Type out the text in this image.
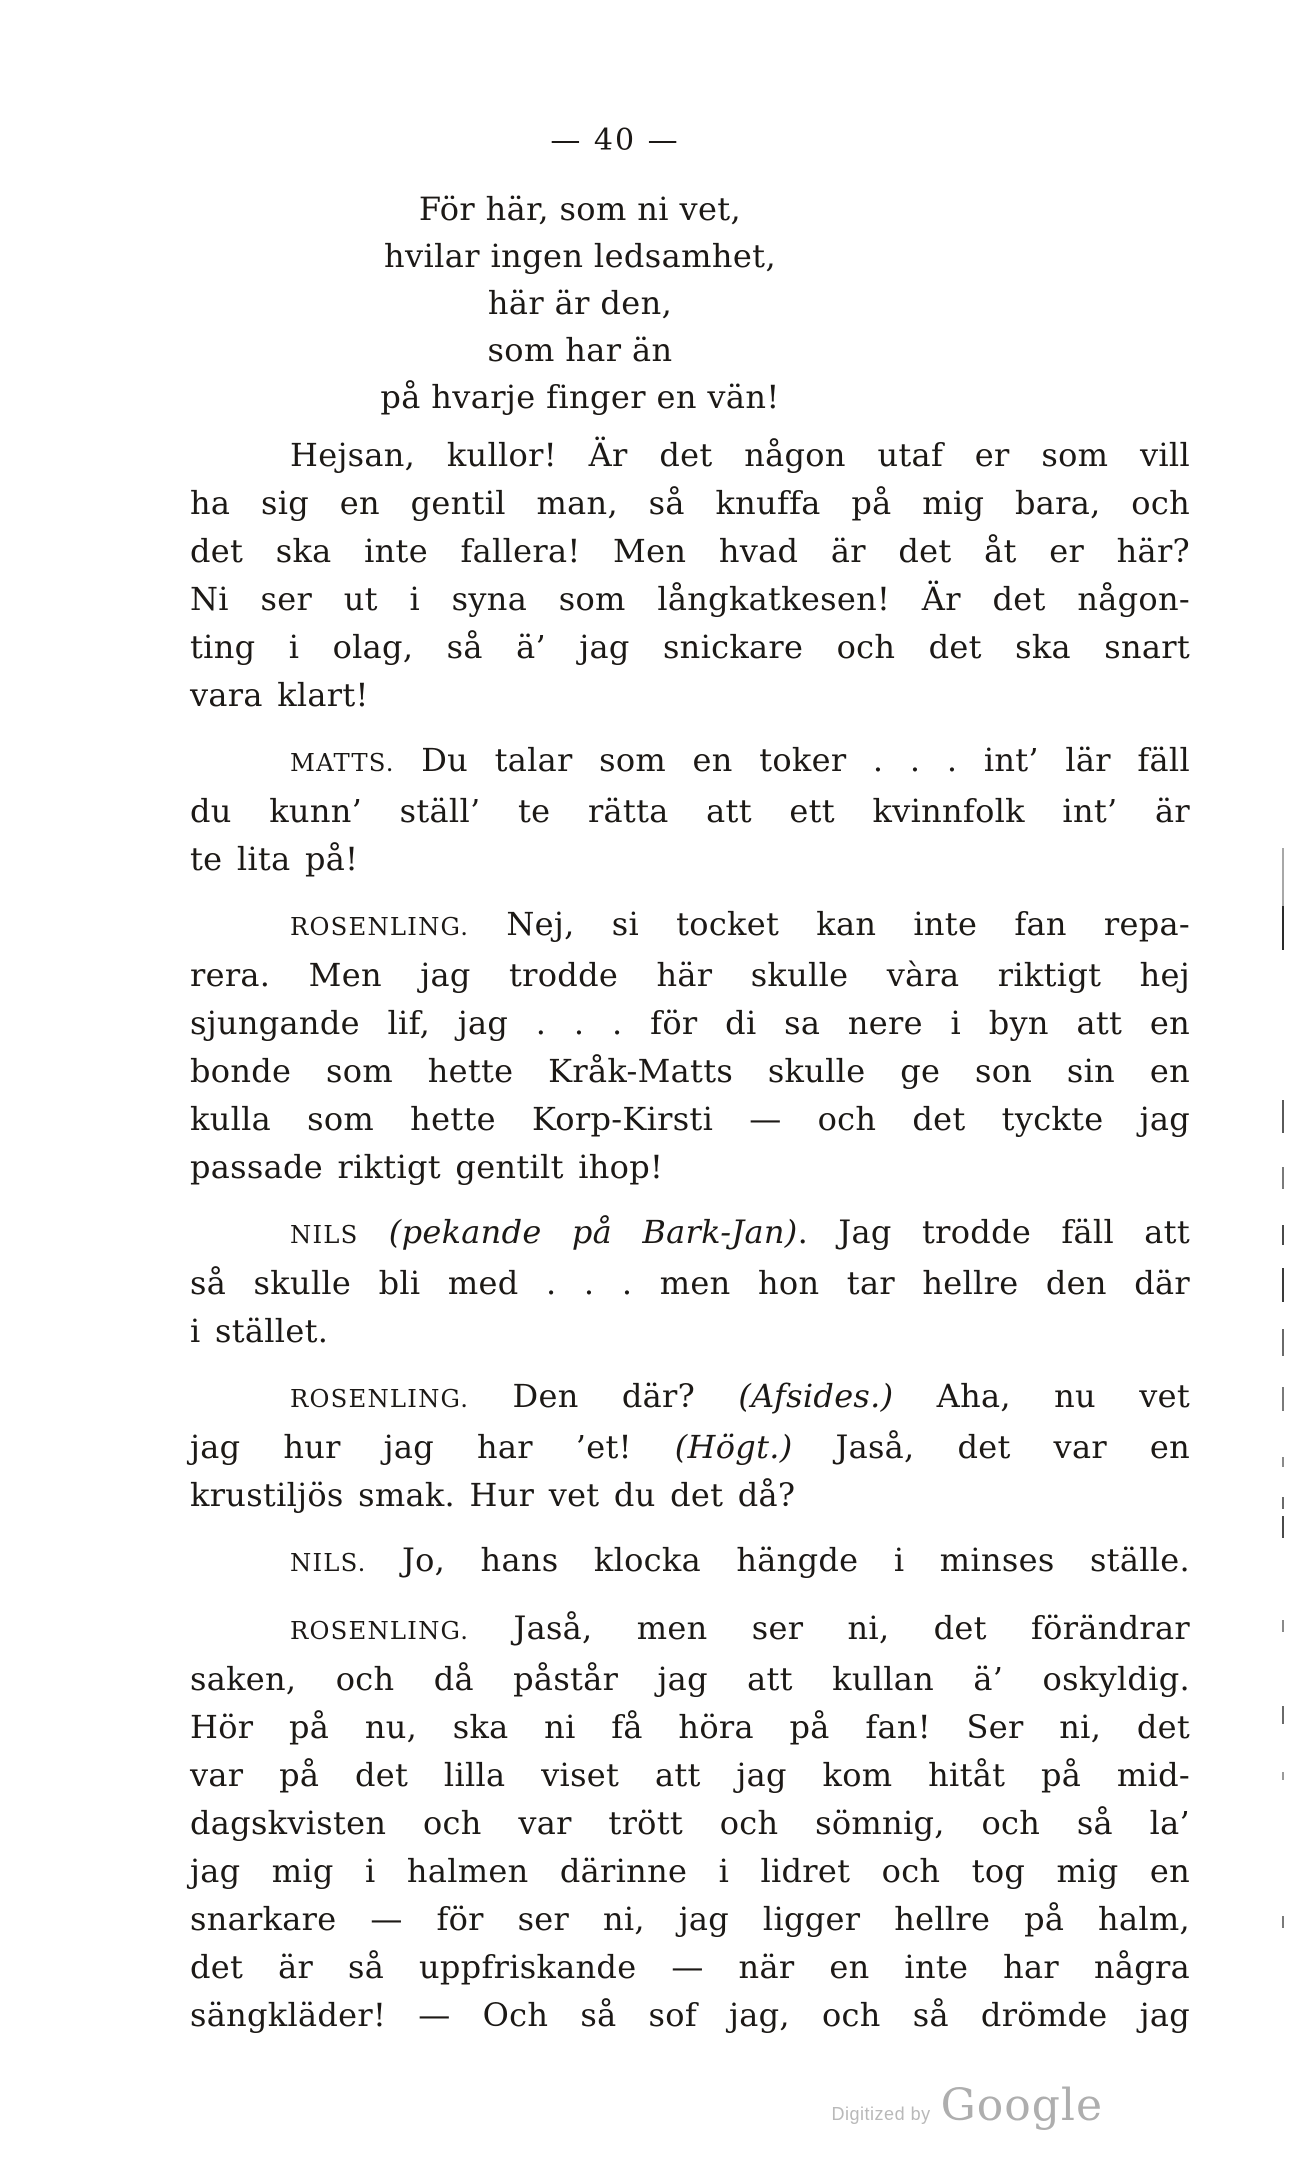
— 40 —
För här, som ni vet,
hvilar ingen ledsamhet,
här är den,
som har än
på hvarje finger en vän!
Hejsan, kullor! Är det någon utaf er som vill
ha sig en gentil man, så knuffa på mig bara, och
det ska inte fallera! Men hvad är det åt er här?
Ni ser ut i syna som långkatkesen! Är det någon-
ting i olag, så ä’ jag snickare och det ska snart
vara klart!
MATTS. Du talar som en toker . . . int’ lär fäll
du kunn’ ställ’ te rätta att ett kvinnfolk int’ är
te lita på!
ROSENLING. Nej, si tocket kan inte fan repa-
rera. Men jag trodde här skulle vàra riktigt hej
sjungande lif, jag . . . för di sa nere i byn att en
bonde som hette Kråk-Matts skulle ge son sin en
kulla som hette Korp-Kirsti — och det tyckte jag
passade riktigt gentilt ihop!
NILS (pekande på Bark-Jan). Jag trodde fäll att
så skulle bli med . . . men hon tar hellre den där
i stället.
ROSENLING. Den där? (Afsides.) Aha, nu vet
jag hur jag har ’et! (Högt.) Jaså, det var en
krustiljös smak. Hur vet du det då?
NILS. Jo, hans klocka hängde i minses ställe.
ROSENLING. Jaså, men ser ni, det förändrar
saken, och då påstår jag att kullan ä’ oskyldig.
Hör på nu, ska ni få höra på fan! Ser ni, det
var på det lilla viset att jag kom hitåt på mid-
dagskvisten och var trött och sömnig, och så la’
jag mig i halmen därinne i lidret och tog mig en
snarkare — för ser ni, jag ligger hellre på halm,
det är så uppfriskande — när en inte har några
sängkläder! — Och så sof jag, och så drömde jag
Digitized by Google
